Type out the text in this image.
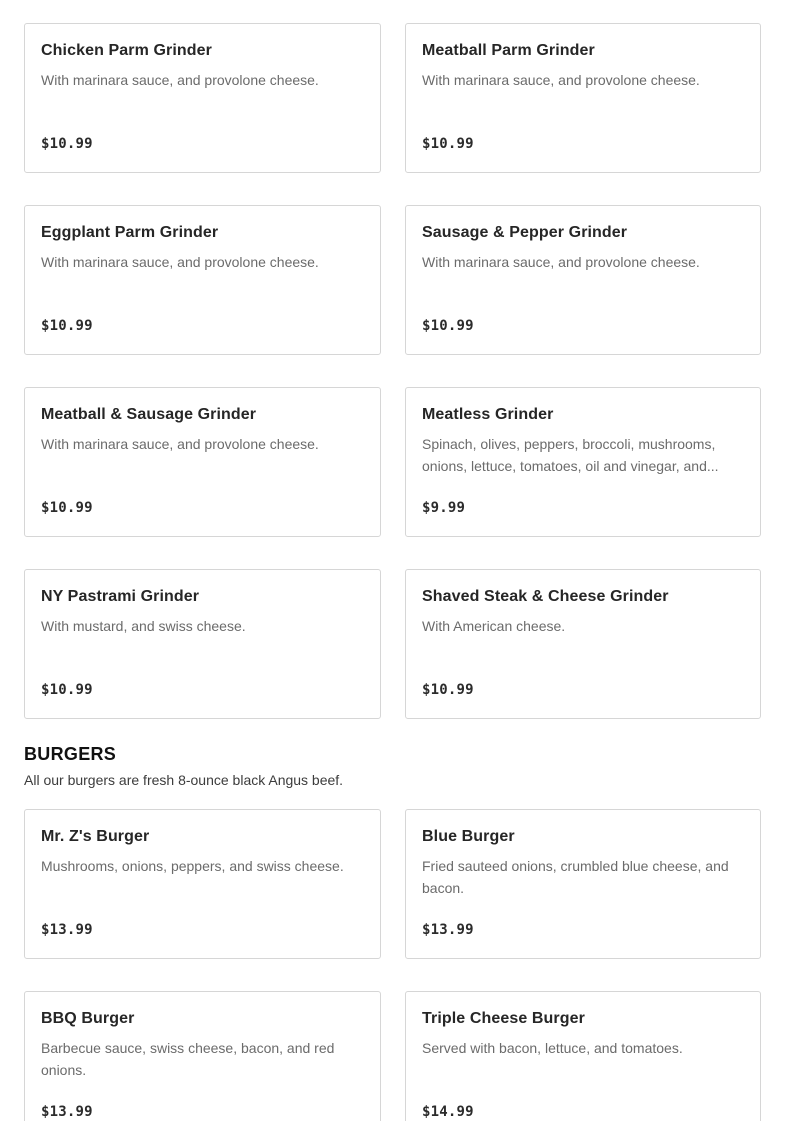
Chicken Parm Grinder
With marinara sauce, and provolone cheese.
$10.99
Meatball Parm Grinder
With marinara sauce, and provolone cheese.
$10.99
Eggplant Parm Grinder
With marinara sauce, and provolone cheese.
$10.99
Sausage & Pepper Grinder
With marinara sauce, and provolone cheese.
$10.99
Meatball & Sausage Grinder
With marinara sauce, and provolone cheese.
$10.99
Meatless Grinder
Spinach, olives, peppers, broccoli, mushrooms, onions, lettuce, tomatoes, oil and vinegar, and...
$9.99
NY Pastrami Grinder
With mustard, and swiss cheese.
$10.99
Shaved Steak & Cheese Grinder
With American cheese.
$10.99
BURGERS

All our burgers are fresh 8-ounce black Angus beef.

Mr. Z's Burger
Mushrooms, onions, peppers, and swiss cheese.
$13.99
Blue Burger
Fried sauteed onions, crumbled blue cheese, and bacon.
$13.99
BBQ Burger
Barbecue sauce, swiss cheese, bacon, and red onions.
$13.99
Triple Cheese Burger
Served with bacon, lettuce, and tomatoes.
$14.99
